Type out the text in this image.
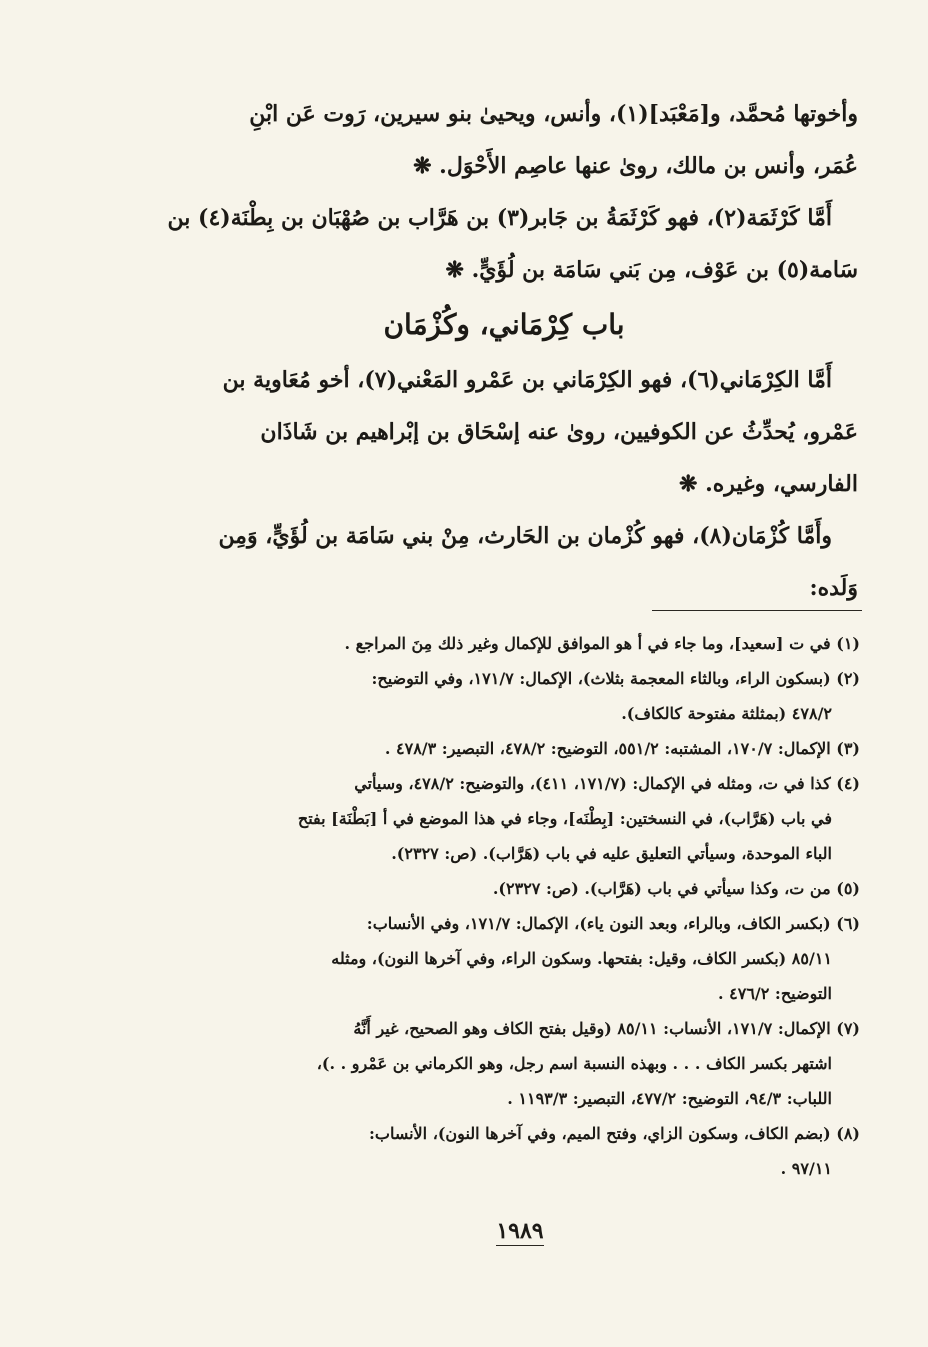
وأخوتها مُحمَّد، و[مَعْبَد](١)، وأنس، ويحيىٰ بنو سيرين، رَوت عَن ابْنِ
عُمَر، وأنس بن مالك، روىٰ عنها عاصِم الأَحْوَل. ❋
أَمَّا كَرْثَمَة(٢)، فهو كَرْثَمَةُ بن جَابر(٣) بن هَرَّاب بن صُهْبَان بن بِطْنَة(٤) بن
سَامة(٥) بن عَوْف، مِن بَني سَامَة بن لُؤَيٍّ. ❋
باب كِرْمَاني، وكُزْمَان
أَمَّا الكِرْمَاني(٦)، فهو الكِرْمَاني بن عَمْرو المَعْني(٧)، أخو مُعَاوية بن
عَمْرو، يُحدِّثُ عن الكوفيين، روىٰ عنه إسْحَاق بن إبْراهيم بن شَاذَان
الفارسي، وغيره. ❋
وأَمَّا كُزْمَان(٨)، فهو كُزْمان بن الحَارث، مِنْ بني سَامَة بن لُؤَيٍّ، وَمِن
وَلَده:
(١) في ت [سعيد]، وما جاء في أ هو الموافق للإكمال وغير ذلك مِنَ المراجع .
(٢) (بسكون الراء، وبالثاء المعجمة بثلاث)، الإكمال: ١٧١/٧، وفي التوضيح:
٤٧٨/٢ (بمثلثة مفتوحة كالكاف).
(٣) الإكمال: ١٧٠/٧، المشتبه: ٥٥١/٢، التوضيح: ٤٧٨/٢، التبصير: ٤٧٨/٣ .
(٤) كذا في ت، ومثله في الإكمال: (١٧١/٧، ٤١١)، والتوضيح: ٤٧٨/٢، وسيأتي
في باب (هَرَّاب)، في النسختين: [بِطْنَه]، وجاء في هذا الموضع في أ [بَطْنَة] بفتح
الباء الموحدة، وسيأتي التعليق عليه في باب (هَرَّاب). (ص: ٢٣٢٧).
(٥) من ت، وكذا سيأتي في باب (هَرَّاب). (ص: ٢٣٢٧).
(٦) (بكسر الكاف، وبالراء، وبعد النون ياء)، الإكمال: ١٧١/٧، وفي الأنساب:
٨٥/١١ (بكسر الكاف، وقيل: بفتحها. وسكون الراء، وفي آخرها النون)، ومثله
التوضيح: ٤٧٦/٢ .
(٧) الإكمال: ١٧١/٧، الأنساب: ٨٥/١١ (وقيل بفتح الكاف وهو الصحيح، غير أَنَّهُ
اشتهر بكسر الكاف . . . وبهذه النسبة اسم رجل، وهو الكرماني بن عَمْرو . .)،
اللباب: ٩٤/٣، التوضيح: ٤٧٧/٢، التبصير: ١١٩٣/٣ .
(٨) (بضم الكاف، وسكون الزاي، وفتح الميم، وفي آخرها النون)، الأنساب:
٩٧/١١ .
١٩٨٩
